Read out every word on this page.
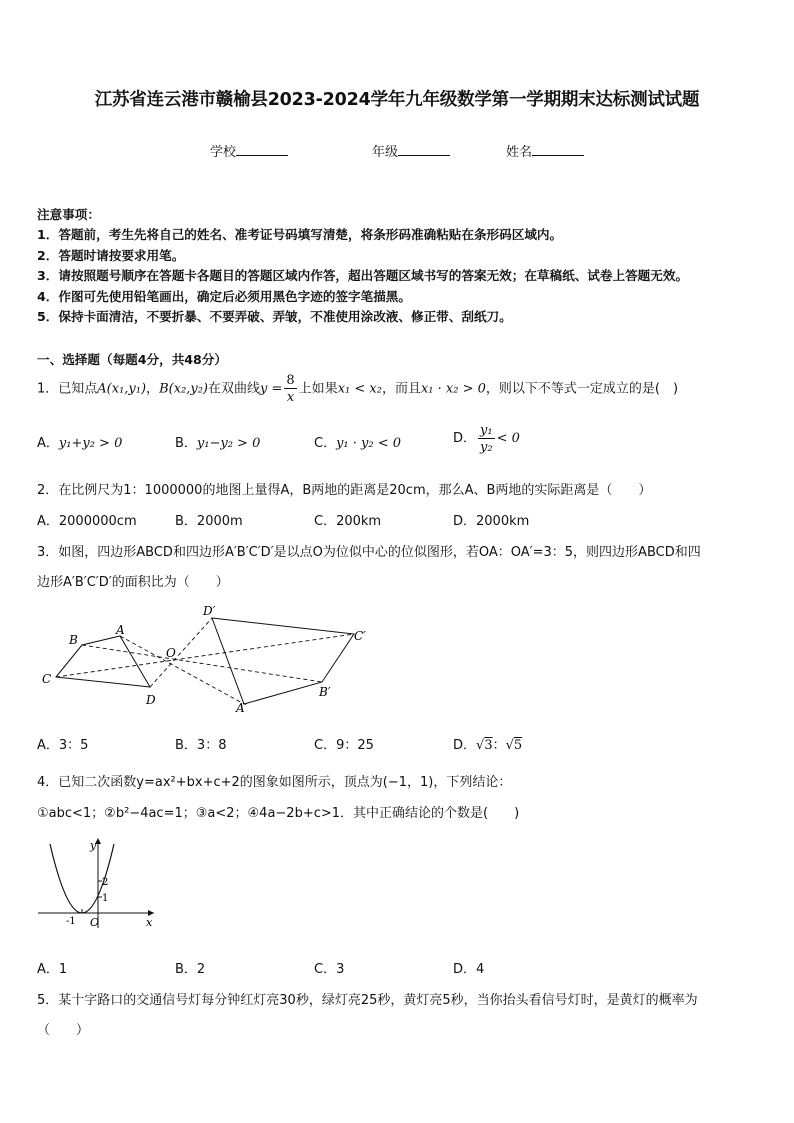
江苏省连云港市赣榆县2023-2024学年九年级数学第一学期期末达标测试试题
学校	年级	姓名
注意事项：
1．答题前，考生先将自己的姓名、准考证号码填写清楚，将条形码准确粘贴在条形码区域内。
2．答题时请按要求用笔。
3．请按照题号顺序在答题卡各题目的答题区域内作答，超出答题区域书写的答案无效；在草稿纸、试卷上答题无效。
4．作图可先使用铅笔画出，确定后必须用黑色字迹的签字笔描黑。
5．保持卡面清洁，不要折暴、不要弄破、弄皱，不准使用涂改液、修正带、刮纸刀。
一、选择题（每题4分，共48分）
1．已知点A(x₁,y₁)，B(x₂,y₂)在双曲线$y = \frac{8}{x}$ 上如果x₁ < x₂，而且x₁ · x₂ > 0，则以下不等式一定成立的是(　)
A．y₁+y₂ > 0	B．y₁−y₂ > 0	C．y₁ · y₂ < 0	D． $\frac{\text{y₁}}{\text{y₂}} < 0$
2．在比例尺为1：1000000的地图上量得A，B两地的距离是20cm，那么A、B两地的实际距离是（　　）
A．2000000cm	B．2000m	C．200km	D．2000km
3．如图，四边形ABCD和四边形A′B′C′D′是以点O为位似中心的位似图形，若OA：OA′=3：5，则四边形ABCD和四
边形A′B′C′D′的面积比为（　　）
B
A
C
D
O
D′
C′
B′
A′
A．3：5	B．3：8	C．9：25	D．√3：√5
4．已知二次函数y=ax²+bx+c+2的图象如图所示，顶点为(−1，1)，下列结论：
①abc<1；②b²−4ac=1；③a<2；④4a−2b+c>1．其中正确结论的个数是(　　)
y
x
2
1
-1 O
A．1	B．2	C．3	D．4
5．某十字路口的交通信号灯每分钟红灯亮30秒，绿灯亮25秒，黄灯亮5秒，当你抬头看信号灯时，是黄灯的概率为
（　　）
